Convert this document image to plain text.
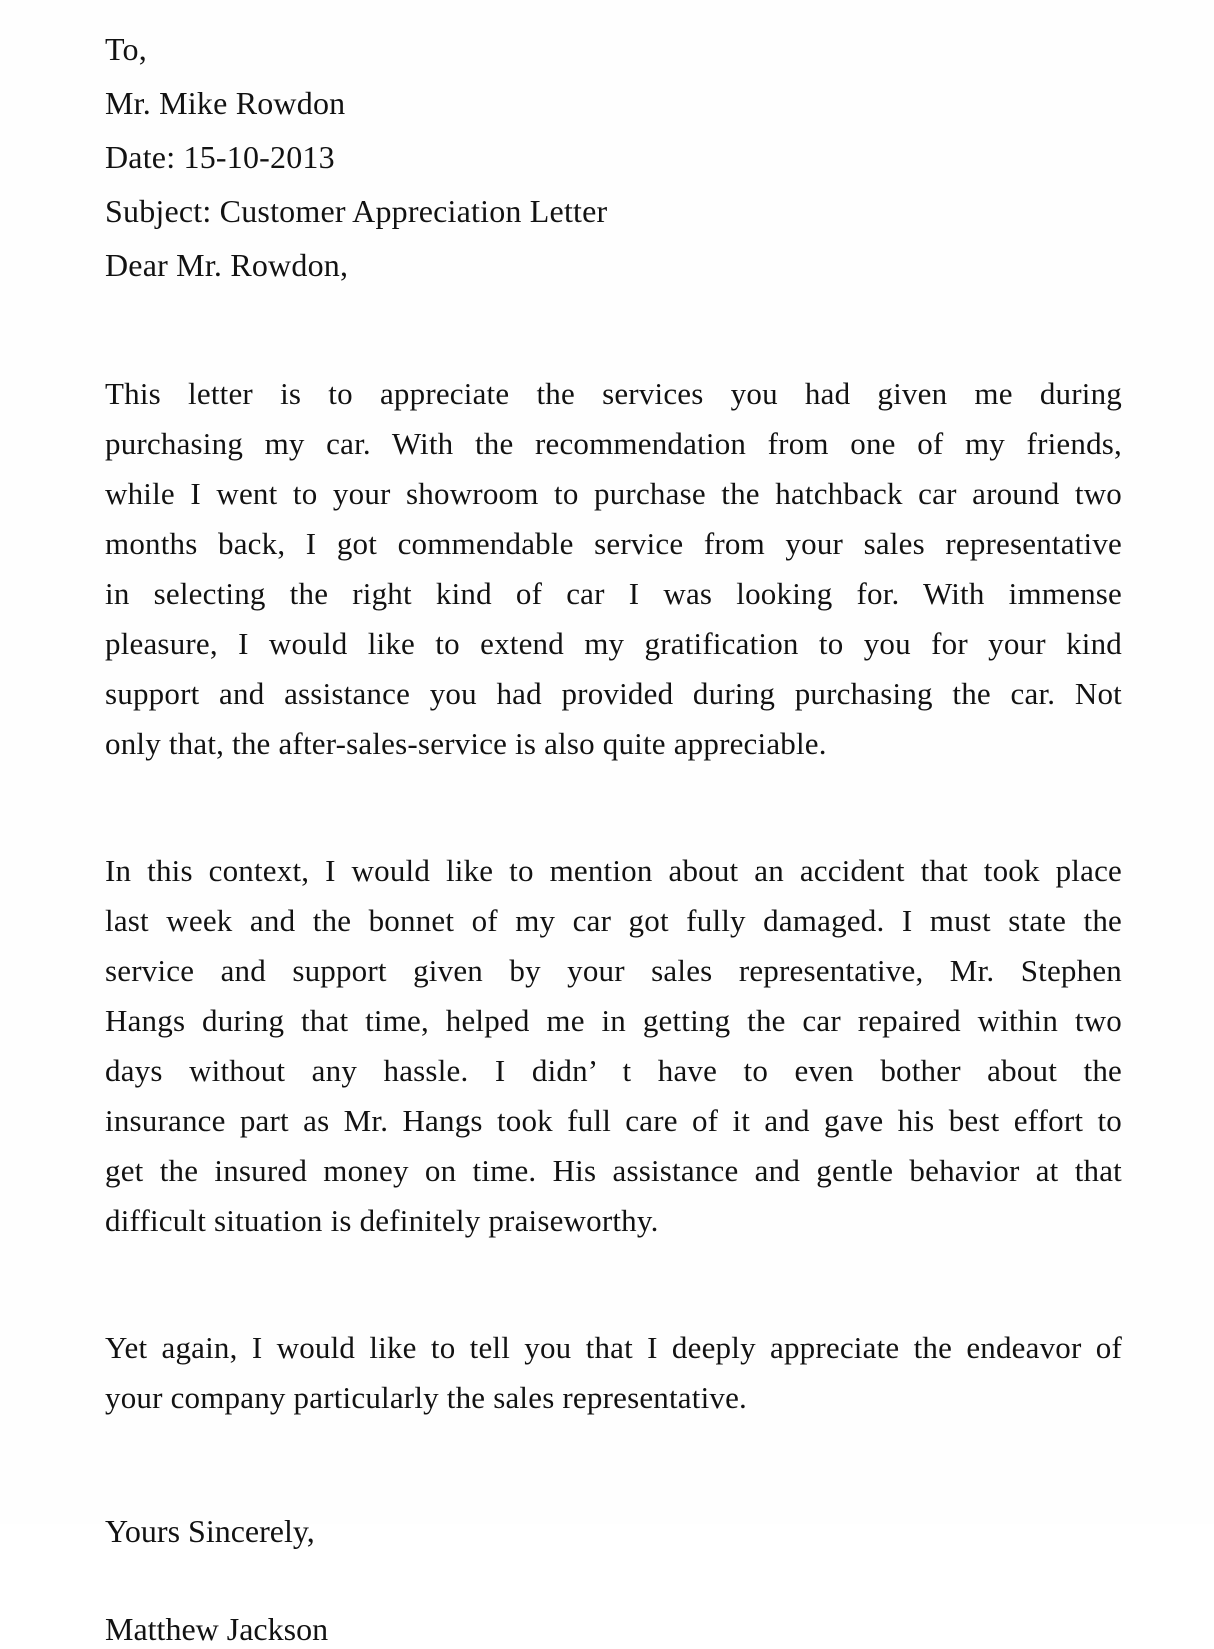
To,
Mr. Mike Rowdon
Date: 15-10-2013
Subject: Customer Appreciation Letter
Dear Mr. Rowdon,
This letter is to appreciate the services you had given me during
purchasing my car. With the recommendation from one of my friends,
while I went to your showroom to purchase the hatchback car around two
months back, I got commendable service from your sales representative
in selecting the right kind of car I was looking for. With immense
pleasure, I would like to extend my gratification to you for your kind
support and assistance you had provided during purchasing the car. Not
only that, the after-sales-service is also quite appreciable.
In this context, I would like to mention about an accident that took place
last week and the bonnet of my car got fully damaged. I must state the
service and support given by your sales representative, Mr. Stephen
Hangs during that time, helped me in getting the car repaired within two
days without any hassle. I didn’ t have to even bother about the
insurance part as Mr. Hangs took full care of it and gave his best effort to
get the insured money on time. His assistance and gentle behavior at that
difficult situation is definitely praiseworthy.
Yet again, I would like to tell you that I deeply appreciate the endeavor of
your company particularly the sales representative.
Yours Sincerely,
Matthew Jackson
